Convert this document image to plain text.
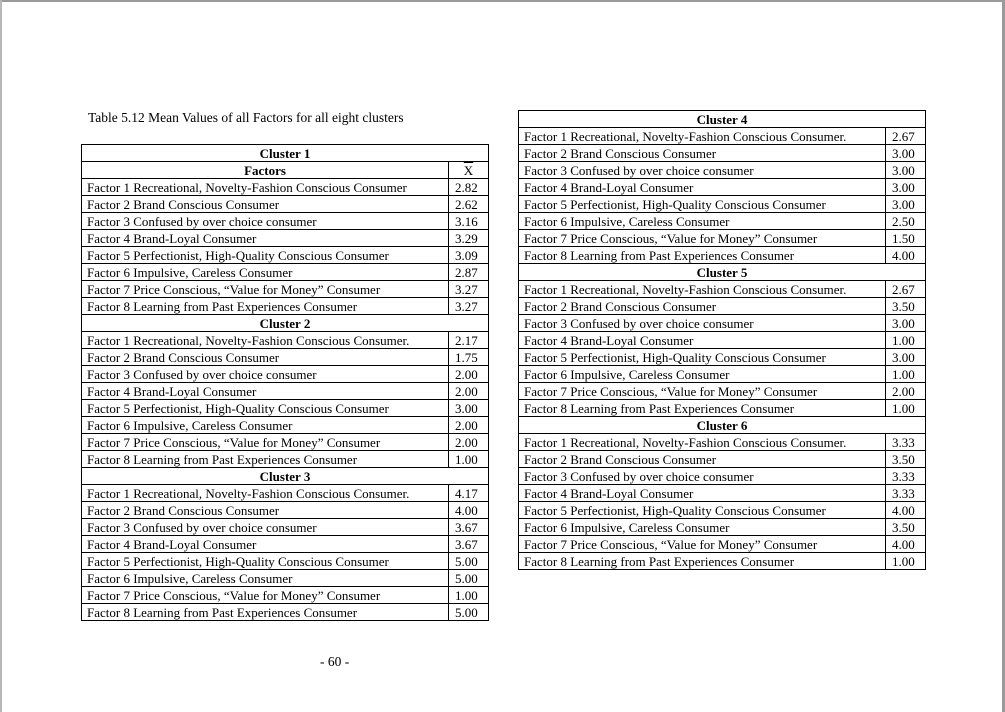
Table 5.12 Mean Values of all Factors for all eight clusters
Cluster 1	
Factors	$\overline{X}$
Factor 1 Recreational, Novelty-Fashion Conscious Consumer	2.82
Factor 2 Brand Conscious Consumer	2.62
Factor 3 Confused by over choice consumer	3.16
Factor 4 Brand-Loyal Consumer	3.29
Factor 5 Perfectionist, High-Quality Conscious Consumer	3.09
Factor 6 Impulsive, Careless Consumer	2.87
Factor 7 Price Conscious, “Value for Money” Consumer	3.27
Factor 8 Learning from Past Experiences Consumer	3.27
Cluster 2	
Factor 1 Recreational, Novelty-Fashion Conscious Consumer.	2.17
Factor 2 Brand Conscious Consumer	1.75
Factor 3 Confused by over choice consumer	2.00
Factor 4 Brand-Loyal Consumer	2.00
Factor 5 Perfectionist, High-Quality Conscious Consumer	3.00
Factor 6 Impulsive, Careless Consumer	2.00
Factor 7 Price Conscious, “Value for Money” Consumer	2.00
Factor 8 Learning from Past Experiences Consumer	1.00
Cluster 3	
Factor 1 Recreational, Novelty-Fashion Conscious Consumer.	4.17
Factor 2 Brand Conscious Consumer	4.00
Factor 3 Confused by over choice consumer	3.67
Factor 4 Brand-Loyal Consumer	3.67
Factor 5 Perfectionist, High-Quality Conscious Consumer	5.00
Factor 6 Impulsive, Careless Consumer	5.00
Factor 7 Price Conscious, “Value for Money” Consumer	1.00
Factor 8 Learning from Past Experiences Consumer	5.00
Cluster 4	
Factor 1 Recreational, Novelty-Fashion Conscious Consumer.	2.67
Factor 2 Brand Conscious Consumer	3.00
Factor 3 Confused by over choice consumer	3.00
Factor 4 Brand-Loyal Consumer	3.00
Factor 5 Perfectionist, High-Quality Conscious Consumer	3.00
Factor 6 Impulsive, Careless Consumer	2.50
Factor 7 Price Conscious, “Value for Money” Consumer	1.50
Factor 8 Learning from Past Experiences Consumer	4.00
Cluster 5	
Factor 1 Recreational, Novelty-Fashion Conscious Consumer.	2.67
Factor 2 Brand Conscious Consumer	3.50
Factor 3 Confused by over choice consumer	3.00
Factor 4 Brand-Loyal Consumer	1.00
Factor 5 Perfectionist, High-Quality Conscious Consumer	3.00
Factor 6 Impulsive, Careless Consumer	1.00
Factor 7 Price Conscious, “Value for Money” Consumer	2.00
Factor 8 Learning from Past Experiences Consumer	1.00
Cluster 6	
Factor 1 Recreational, Novelty-Fashion Conscious Consumer.	3.33
Factor 2 Brand Conscious Consumer	3.50
Factor 3 Confused by over choice consumer	3.33
Factor 4 Brand-Loyal Consumer	3.33
Factor 5 Perfectionist, High-Quality Conscious Consumer	4.00
Factor 6 Impulsive, Careless Consumer	3.50
Factor 7 Price Conscious, “Value for Money” Consumer	4.00
Factor 8 Learning from Past Experiences Consumer	1.00
- 60 -
